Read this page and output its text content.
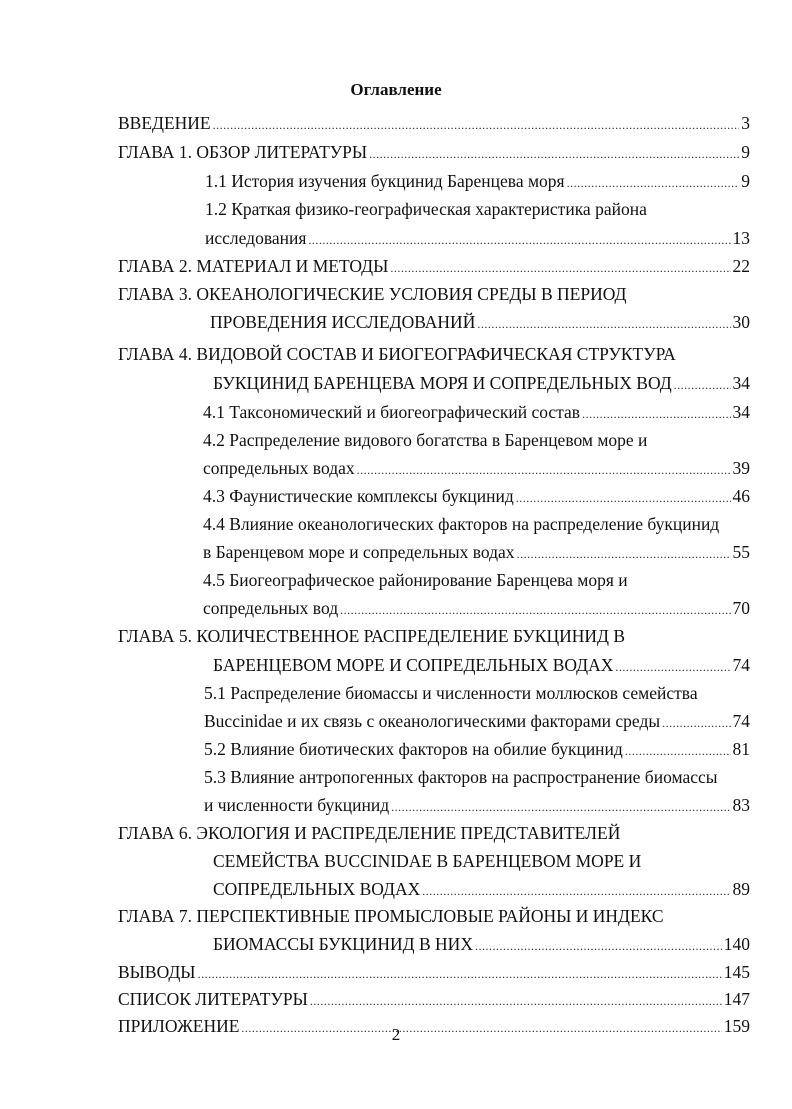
Оглавление
ВВЕДЕНИЕ .....	3
ГЛАВА 1. ОБЗОР ЛИТЕРАТУРЫ .....	9
1.1 История изучения букцинид Баренцева моря .....	9
1.2 Краткая физико-географическая характеристика района
исследования .....	13
ГЛАВА 2. МАТЕРИАЛ И МЕТОДЫ .....	22
ГЛАВА 3. ОКЕАНОЛОГИЧЕСКИЕ УСЛОВИЯ СРЕДЫ В ПЕРИОД
ПРОВЕДЕНИЯ ИССЛЕДОВАНИЙ .....	30
ГЛАВА 4. ВИДОВОЙ СОСТАВ И БИОГЕОГРАФИЧЕСКАЯ СТРУКТУРА
БУКЦИНИД БАРЕНЦЕВА МОРЯ И СОПРЕДЕЛЬНЫХ ВОД .....	34
4.1 Таксономический и биогеографический состав .....	34
4.2 Распределение видового богатства в Баренцевом море и
сопредельных водах .....	39
4.3 Фаунистические комплексы букцинид .....	46
4.4 Влияние океанологических факторов на распределение букцинид
в Баренцевом море и сопредельных водах .....	55
4.5 Биогеографическое районирование Баренцева моря и
сопредельных вод .....	70
ГЛАВА 5. КОЛИЧЕСТВЕННОЕ РАСПРЕДЕЛЕНИЕ БУКЦИНИД В
БАРЕНЦЕВОМ МОРЕ И СОПРЕДЕЛЬНЫХ ВОДАХ .....	74
5.1 Распределение биомассы и численности моллюсков семейства
Buccinidae и их связь с океанологическими факторами среды .....	74
5.2 Влияние биотических факторов на обилие букцинид .....	81
5.3 Влияние антропогенных факторов на распространение биомассы
и численности букцинид .....	83
ГЛАВА 6. ЭКОЛОГИЯ И РАСПРЕДЕЛЕНИЕ ПРЕДСТАВИТЕЛЕЙ
СЕМЕЙСТВА BUCCINIDAE В БАРЕНЦЕВОМ МОРЕ И
СОПРЕДЕЛЬНЫХ ВОДАХ .....	89
ГЛАВА 7. ПЕРСПЕКТИВНЫЕ ПРОМЫСЛОВЫЕ РАЙОНЫ И ИНДЕКС
БИОМАССЫ БУКЦИНИД В НИХ .....	140
ВЫВОДЫ .....	145
СПИСОК ЛИТЕРАТУРЫ .....	147
ПРИЛОЖЕНИЕ .....	159
2
